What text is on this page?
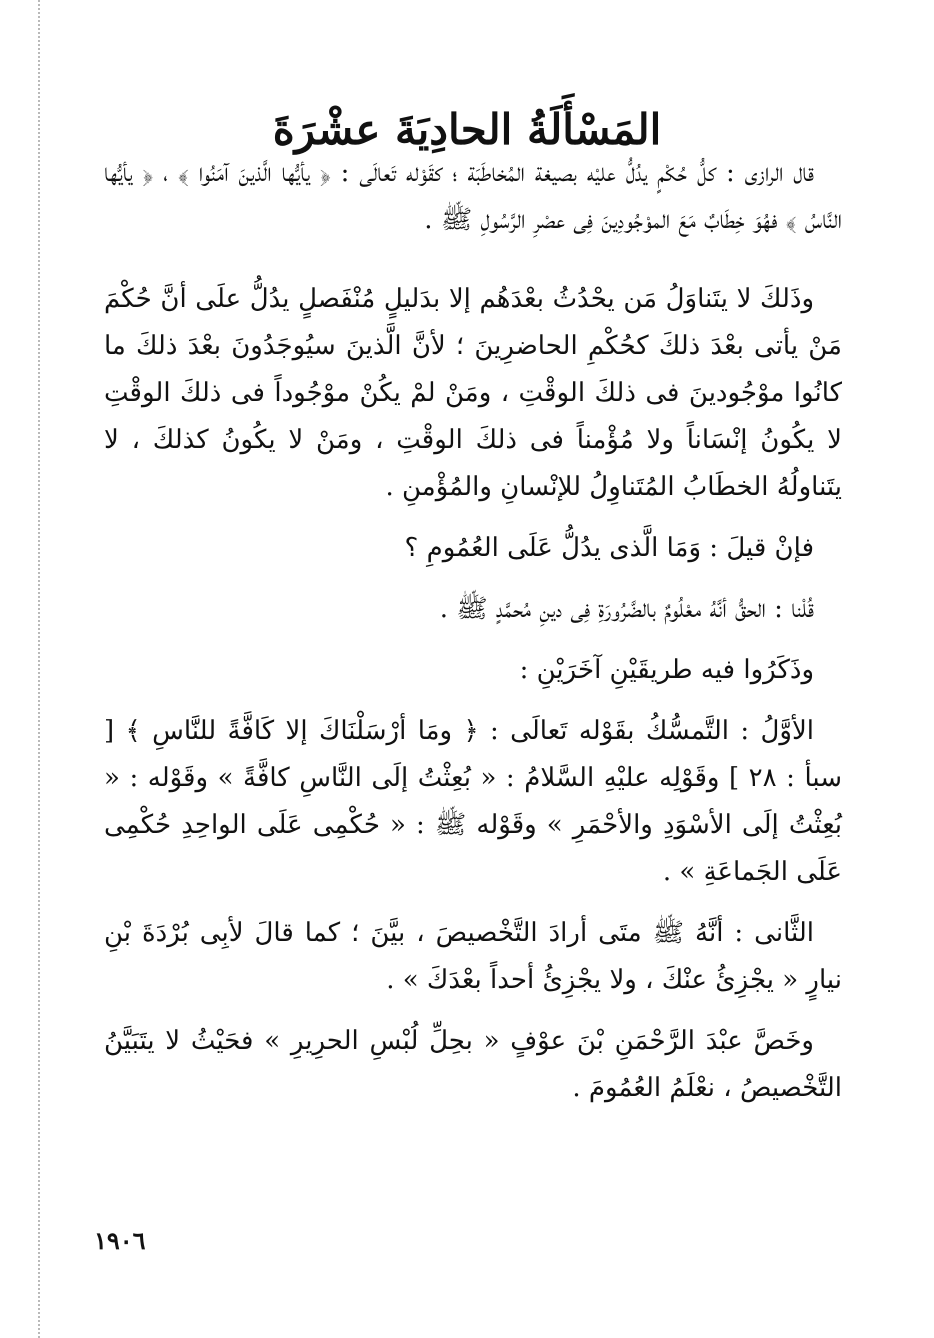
المَسْأَلَةُ الحادِيَةَ عشْرَةَ

قال الرازى : كلُّ حُكْمٍ يدُلُّ عليْه بصيغة المُخاطَبَة ؛ كقَوْله تَعالَى : ﴿ يأيُّها الَّذينَ آمَنُوا ﴾ ، ﴿ يأيُّها النَّاسُ ﴾ فهُوَ خِطَابٌ مَعَ الموْجُودِينَ فِى عصْرِ الرَّسُولِ ﷺ .

وذَلكَ لا يتَناوَلُ مَن يحْدُثُ بعْدَهُم إلا بدَليلٍ مُنْفَصلٍ يدُلُّ علَى أنَّ حُكْمَ مَنْ يأتى بعْدَ ذلكَ كحُكْمِ الحاضرِينَ ؛ لأنَّ الَّذينَ سيُوجَدُونَ بعْدَ ذلكَ ما كانُوا موْجُودينَ فى ذلكَ الوقْتِ ، ومَنْ لمْ يكُنْ موْجُوداً فى ذلكَ الوقْتِ لا يكُونُ إنْسَاناً ولا مُؤْمناً فى ذلكَ الوقْتِ ، ومَنْ لا يكُونُ كذلكَ ، لا يتَناولُهُ الخطَابُ المُتَناوِلُ للإنْسانِ والمُؤْمنِ .

فإنْ قيلَ : وَمَا الَّذى يدُلُّ عَلَى العُمُومِ ؟

قُلْنا : الحقُّ أنَّهُ معْلُومٌ بالضَّرُورَةِ فِى دينِ مُحمَّدٍ ﷺ .

وذَكَرُوا فيه طريقَيْنِ آخَرَيْنِ :

الأوَّلُ : التَّمسُّكُ بقَوْله تَعالَى : ﴿ ومَا أرْسَلْنَاكَ إلا كَافَّةً للنَّاسِ ﴾ [ سبأ : ٢٨ ] وقَوْلِه عليْهِ السَّلامُ : « بُعِثْتُ إلَى النَّاسِ كافَّةً » وقَوْله : « بُعِثْتُ إلَى الأسْوَدِ والأحْمَرِ » وقَوْله ﷺ : « حُكْمِى عَلَى الواحِدِ حُكْمِى عَلَى الجَماعَةِ » .

الثَّانى : أنَّهُ ﷺ متَى أرادَ التَّخْصيصَ ، بيَّنَ ؛ كما قالَ لأبِى بُرْدَةَ بْنِ نيارٍ « يجْزِئُ عنْكَ ، ولا يجْزِئُ أحداً بعْدَكَ » .

وخَصَّ عبْدَ الرَّحْمَنِ بْنَ عوْفٍ « بحِلِّ لُبْسِ الحرِيرِ » فحَيْثُ لا يتَبَيَّنُ التَّخْصيصُ ، نعْلَمُ العُمُومَ .

١٩٠٦
